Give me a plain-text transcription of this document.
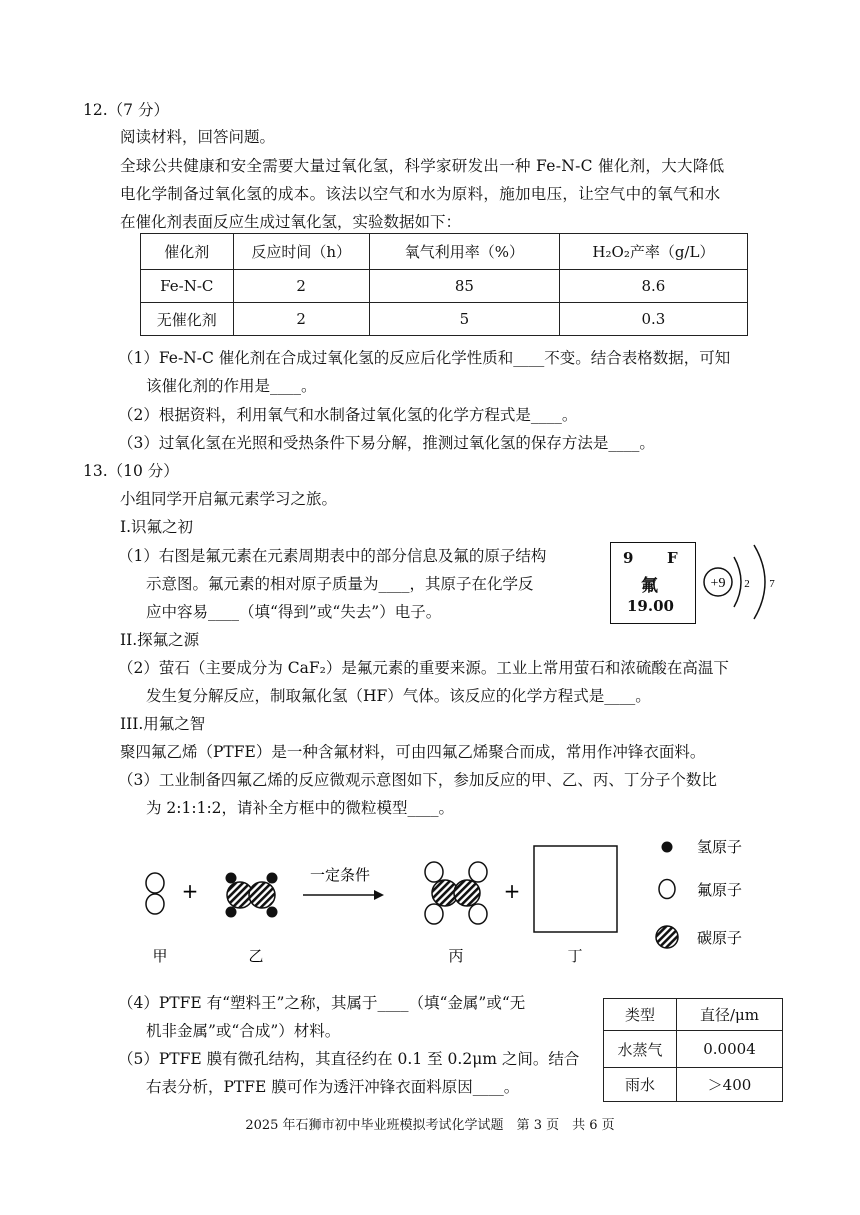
12.（7 分）
阅读材料，回答问题。
全球公共健康和安全需要大量过氧化氢，科学家研发出一种 Fe-N-C 催化剂，大大降低
电化学制备过氧化氢的成本。该法以空气和水为原料，施加电压，让空气中的氧气和水
在催化剂表面反应生成过氧化氢，实验数据如下：
催化剂	反应时间（h）	氧气利用率（%）	H₂O₂产率（g/L）
Fe-N-C	2	85	8.6
无催化剂	2	5	0.3
（1）Fe-N-C 催化剂在合成过氧化氢的反应后化学性质和____不变。结合表格数据，可知
该催化剂的作用是____。
（2）根据资料，利用氧气和水制备过氧化氢的化学方程式是____。
（3）过氧化氢在光照和受热条件下易分解，推测过氧化氢的保存方法是____。
13.（10 分）
小组同学开启氟元素学习之旅。
I.识氟之初
（1）右图是氟元素在元素周期表中的部分信息及氟的原子结构
示意图。氟元素的相对原子质量为____，其原子在化学反
应中容易____（填“得到”或“失去”）电子。
9 F
氟
19.00
+9 2 7
II.探氟之源
（2）萤石（主要成分为 CaF₂）是氟元素的重要来源。工业上常用萤石和浓硫酸在高温下
发生复分解反应，制取氟化氢（HF）气体。该反应的化学方程式是____。
III.用氟之智
聚四氟乙烯（PTFE）是一种含氟材料，可由四氟乙烯聚合而成，常用作冲锋衣面料。
（3）工业制备四氟乙烯的反应微观示意图如下，参加反应的甲、乙、丙、丁分子个数比
为 2:1:1:2，请补全方框中的微粒模型____。
+
一定条件
+
甲	乙	丙	丁
氢原子
氟原子
碳原子
（4）PTFE 有“塑料王”之称，其属于____（填“金属”或“无
机非金属”或“合成”）材料。
（5）PTFE 膜有微孔结构，其直径约在 0.1 至 0.2μm 之间。结合
右表分析，PTFE 膜可作为透汗冲锋衣面料原因____。
类型	直径/μm
水蒸气	0.0004
雨水	＞400
2025 年石狮市初中毕业班模拟考试化学试题　第 3 页　共 6 页
